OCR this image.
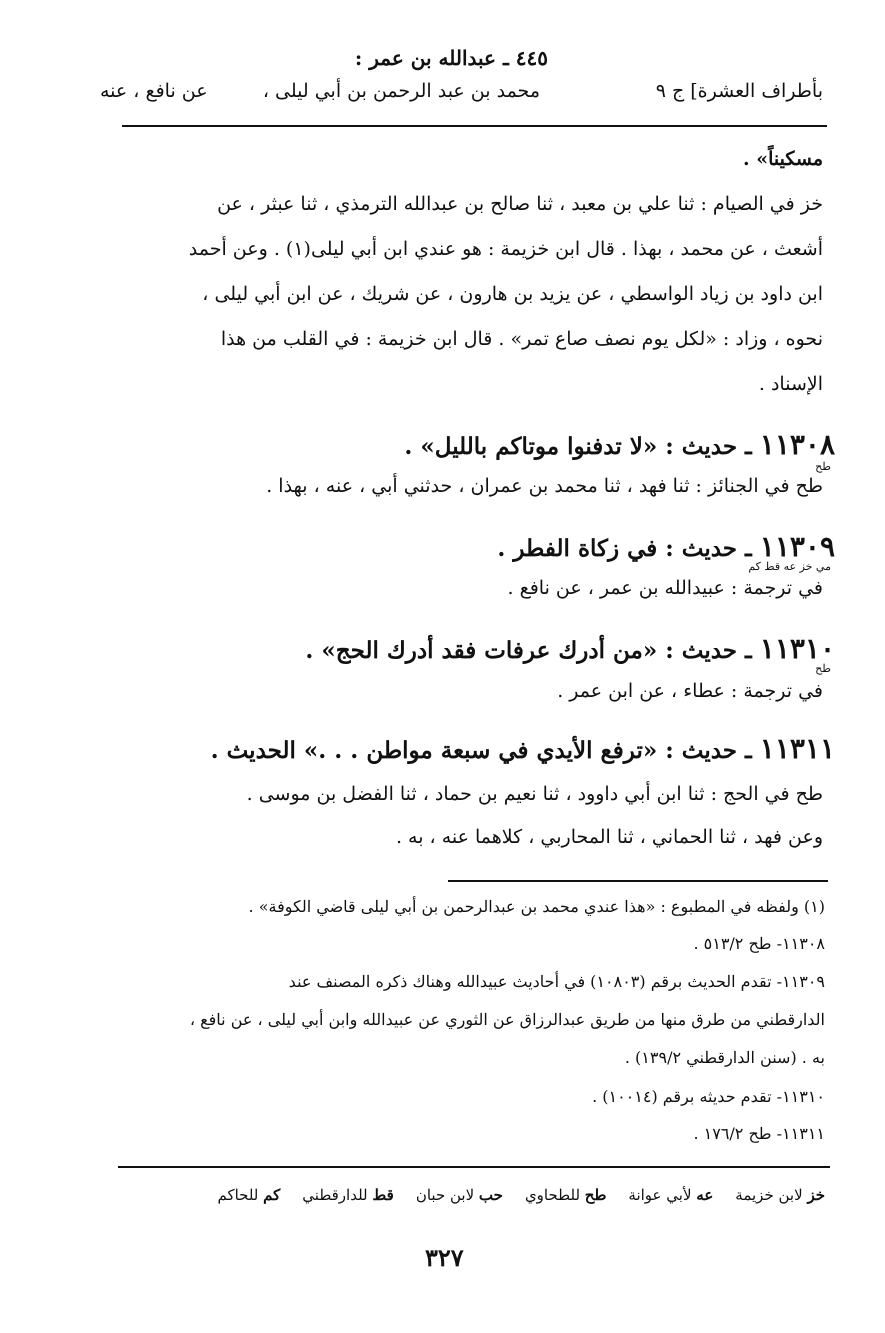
٤٤٥ ـ عبدالله بن عمر :
بأطراف العشرة] ج ٩
محمد بن عبد الرحمن بن أبي ليلى ،
عن نافع ، عنه
مسكيناً» .
خز في الصيام : ثنا علي بن معبد ، ثنا صالح بن عبدالله الترمذي ، ثنا عبثر ، عن
أشعث ، عن محمد ، بهذا . قال ابن خزيمة : هو عندي ابن أبي ليلى(١) . وعن أحمد
ابن داود بن زياد الواسطي ، عن يزيد بن هارون ، عن شريك ، عن ابن أبي ليلى ،
نحوه ، وزاد : «لكل يوم نصف صاع تمر» . قال ابن خزيمة : في القلب من هذا
الإسناد .
١١٣٠٨ ـ حديث : «لا تدفنوا موتاكم بالليل» .
طح
طح في الجنائز : ثنا فهد ، ثنا محمد بن عمران ، حدثني أبي ، عنه ، بهذا .
١١٣٠٩ ـ حديث : في زكاة الفطر .
مي خز عه قط كم
في ترجمة : عبيدالله بن عمر ، عن نافع .
١١٣١٠ ـ حديث : «من أدرك عرفات فقد أدرك الحج» .
طح
في ترجمة : عطاء ، عن ابن عمر .
١١٣١١ ـ حديث : «ترفع الأيدي في سبعة مواطن . . .» الحديث .
طح في الحج : ثنا ابن أبي داوود ، ثنا نعيم بن حماد ، ثنا الفضل بن موسى .
وعن فهد ، ثنا الحماني ، ثنا المحاربي ، كلاهما عنه ، به .
(١) ولفظه في المطبوع : «هذا عندي محمد بن عبدالرحمن بن أبي ليلى قاضي الكوفة» .
١١٣٠٨- طح ٥١٣/٢ .
١١٣٠٩- تقدم الحديث برقم (١٠٨٠٣) في أحاديث عبيدالله وهناك ذكره المصنف عند
الدارقطني من طرق منها من طريق عبدالرزاق عن الثوري عن عبيدالله وابن أبي ليلى ، عن نافع ،
به . (سنن الدارقطني ١٣٩/٢) .
١١٣١٠- تقدم حديثه برقم (١٠٠١٤) .
١١٣١١- طح ١٧٦/٢ .
خز لابن خزيمة
عه لأبي عوانة
طح للطحاوي
حب لابن حبان
قط للدارقطني
كم للحاكم
٣٢٧
